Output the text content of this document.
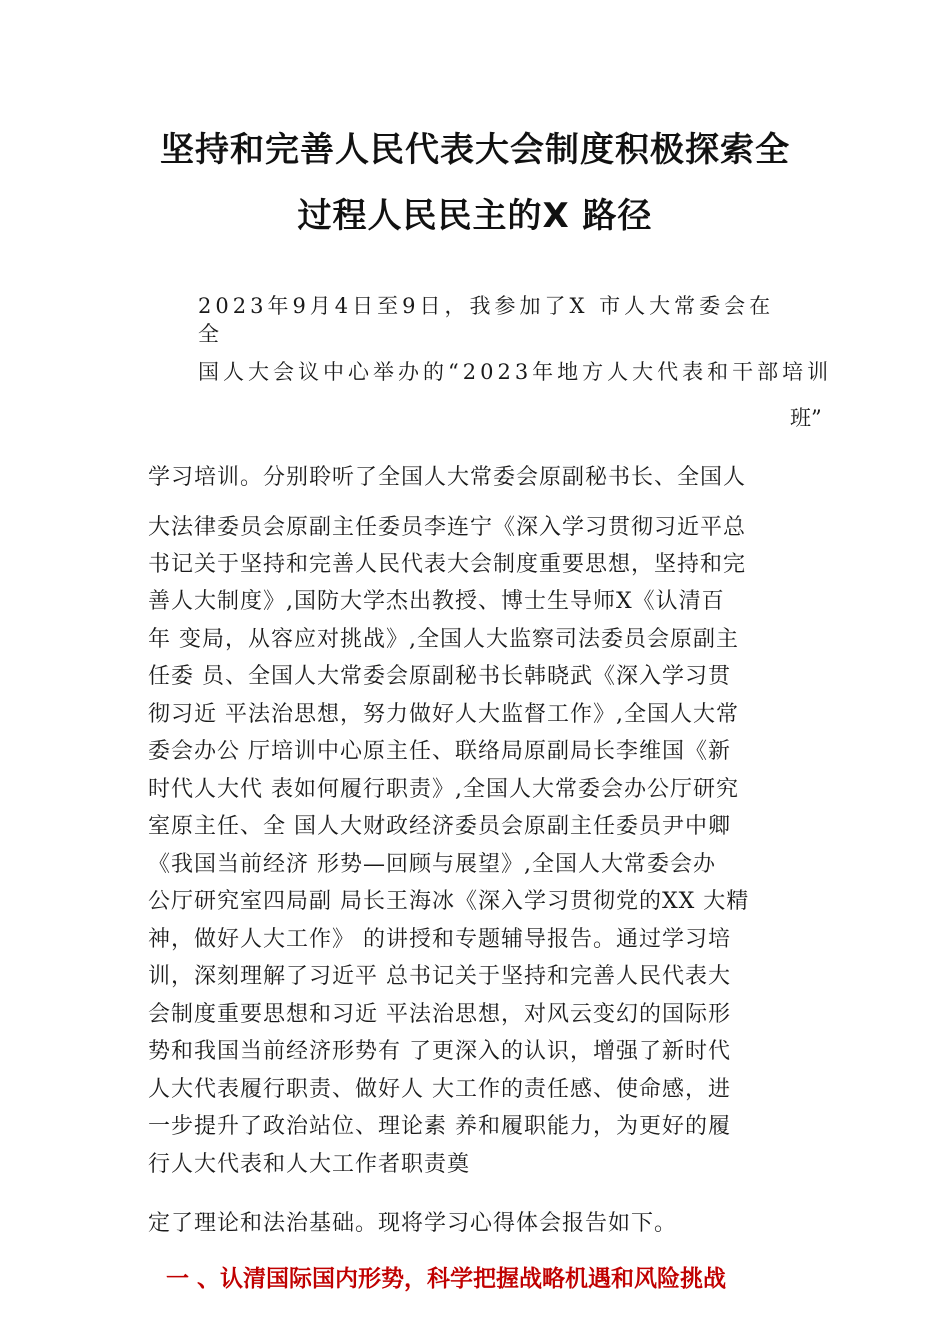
坚持和完善人民代表大会制度积极探索全
过程人民民主的X 路径
2023年9月4日至9日，我参加了X 市人大常委会在
全
国人大会议中心举办的“2023年地方人大代表和干部培训
班”
学习培训。分别聆听了全国人大常委会原副秘书长、全国人
大法律委员会原副主任委员李连宁《深入学习贯彻习近平总
书记关于坚持和完善人民代表大会制度重要思想，坚持和完
善人大制度》,国防大学杰出教授、博士生导师X《认清百
年 变局，从容应对挑战》,全国人大监察司法委员会原副主
任委 员、全国人大常委会原副秘书长韩晓武《深入学习贯
彻习近 平法治思想，努力做好人大监督工作》,全国人大常
委会办公 厅培训中心原主任、联络局原副局长李维国《新
时代人大代 表如何履行职责》,全国人大常委会办公厅研究
室原主任、全 国人大财政经济委员会原副主任委员尹中卿
《我国当前经济 形势—回顾与展望》,全国人大常委会办
公厅研究室四局副 局长王海冰《深入学习贯彻党的XX 大精
神，做好人大工作》 的讲授和专题辅导报告。通过学习培
训，深刻理解了习近平 总书记关于坚持和完善人民代表大
会制度重要思想和习近 平法治思想，对风云变幻的国际形
势和我国当前经济形势有 了更深入的认识，增强了新时代
人大代表履行职责、做好人 大工作的责任感、使命感，进
一步提升了政治站位、理论素 养和履职能力，为更好的履
行人大代表和人大工作者职责奠
定了理论和法治基础。现将学习心得体会报告如下。
一 、认清国际国内形势，科学把握战略机遇和风险挑战
